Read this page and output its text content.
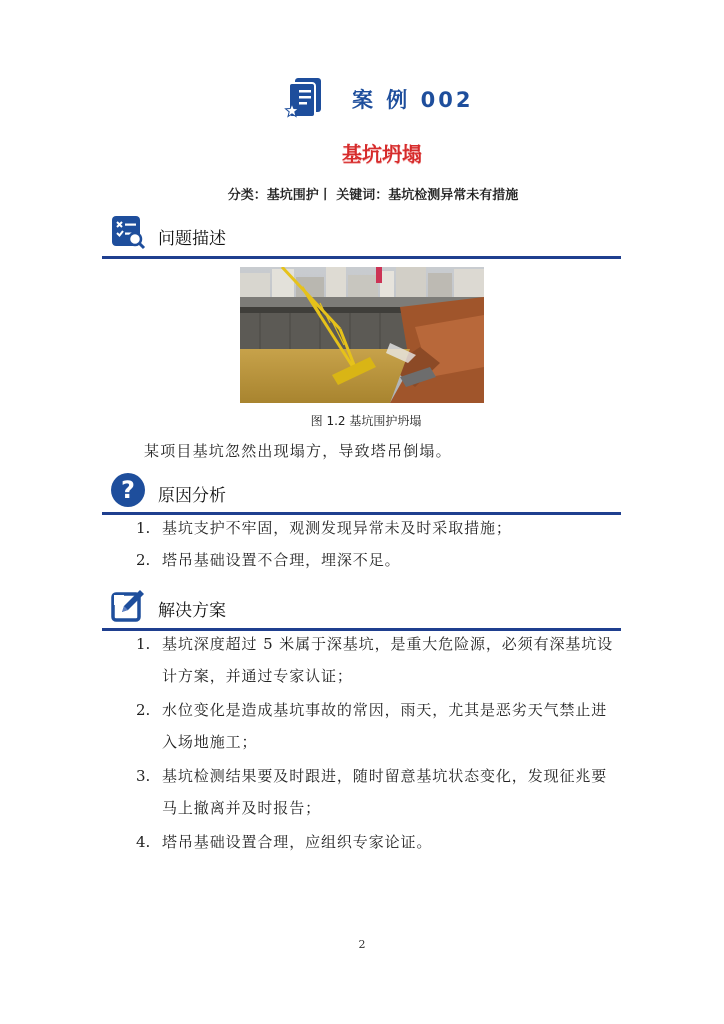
案 例 002
基坑坍塌
分类：基坑围护丨 关键词：基坑检测异常未有措施
问题描述
图 1.2 基坑围护坍塌
某项目基坑忽然出现塌方，导致塔吊倒塌。
? 原因分析
1. 基坑支护不牢固，观测发现异常未及时采取措施；
2. 塔吊基础设置不合理，埋深不足。
解决方案
1. 基坑深度超过 5 米属于深基坑，是重大危险源，必须有深基坑设计方案，并通过专家认证；
2. 水位变化是造成基坑事故的常因，雨天，尤其是恶劣天气禁止进入场地施工；
3. 基坑检测结果要及时跟进，随时留意基坑状态变化，发现征兆要马上撤离并及时报告；
4. 塔吊基础设置合理，应组织专家论证。
2
